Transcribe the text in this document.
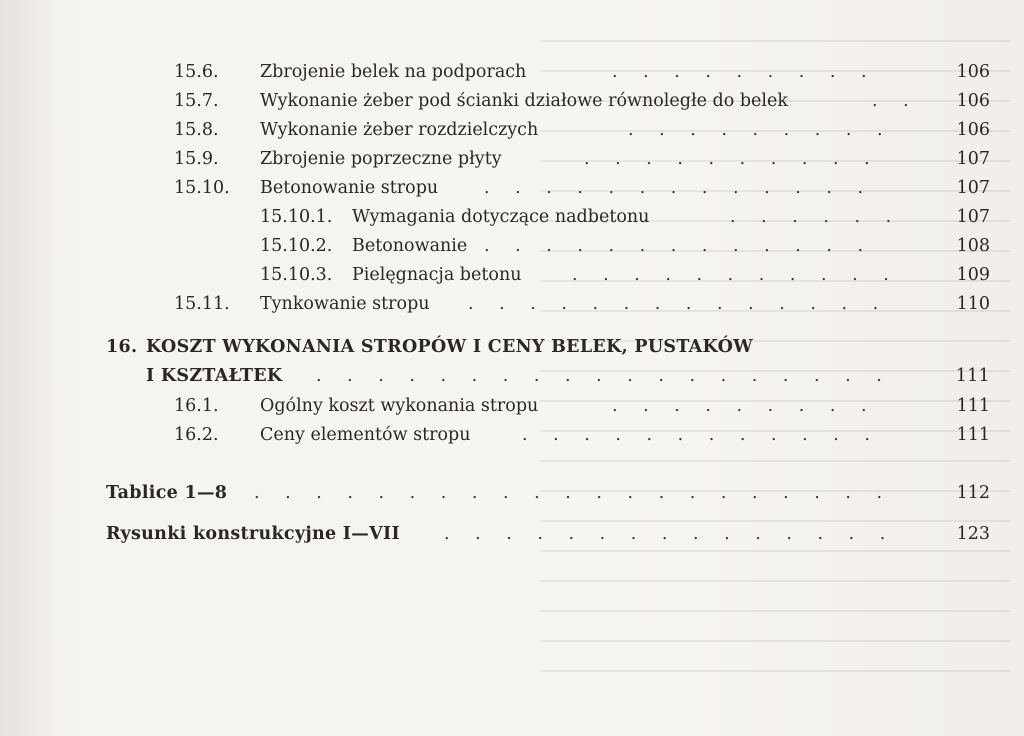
15.6. Zbrojenie belek na podporach	. . . . . . . . .	106
15.7. Wykonanie żeber pod ścianki działowe równoległe do belek	. .	106
15.8. Wykonanie żeber rozdzielczych	. . . . . . . . .	106
15.9. Zbrojenie poprzeczne płyty	. . . . . . . . . .	107
15.10. Betonowanie stropu	. . . . . . . . . . . . .	107
15.10.1. Wymagania dotyczące nadbetonu	. . . . . .	107
15.10.2. Betonowanie . . . . . . . . . . . . .	108
15.10.3. Pielęgnacja betonu	. . . . . . . . . . .	109
15.11. Tynkowanie stropu . . . . . . . . . . . . . .	110
16. KOSZT WYKONANIA STROPÓW I CENY BELEK, PUSTAKÓW
I KSZTAŁTEK . . . . . . . . . . . . . . . . . . .	111
16.1. Ogólny koszt wykonania stropu	. . . . . . . . .	111
16.2. Ceny elementów stropu	. . . . . . . . . . . .	111
Tablice 1—8 . . . . . . . . . . . . . . . . . . . . .	112
Rysunki konstrukcyjne I—VII	. . . . . . . . . . . . . . .	123
